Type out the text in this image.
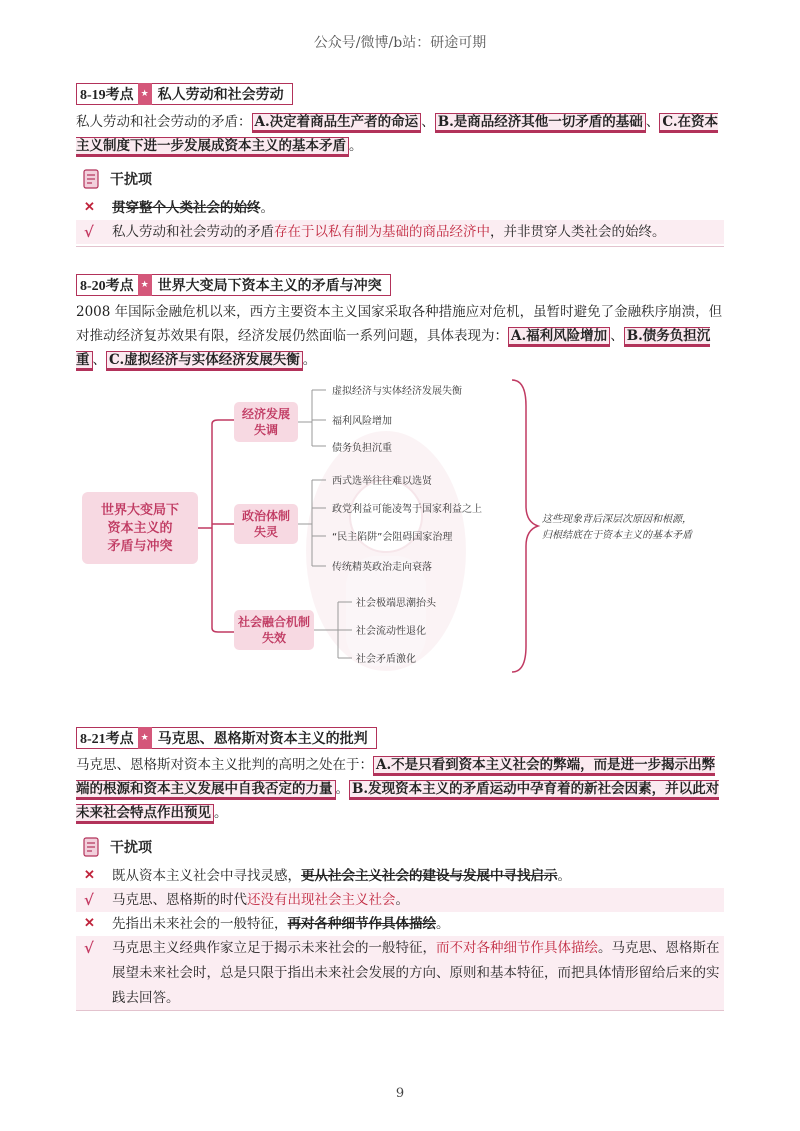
公众号/微博/b站：研途可期
8-19考点 ★ 私人劳动和社会劳动
私人劳动和社会劳动的矛盾： A.决定着商品生产者的命运 、 B.是商品经济其他一切矛盾的基础 、 C.在资本主义制度下进一步发展成资本主义的基本矛盾 。
干扰项
✕ 贯穿整个人类社会的始终。
√ 私人劳动和社会劳动的矛盾存在于以私有制为基础的商品经济中，并非贯穿人类社会的始终。
8-20考点 ★ 世界大变局下资本主义的矛盾与冲突
2008 年国际金融危机以来，西方主要资本主义国家采取各种措施应对危机，虽暂时避免了金融秩序崩溃，但对推动经济复苏效果有限，经济发展仍然面临一系列问题，具体表现为： A.福利风险增加 、 B.债务负担沉重 、 C.虚拟经济与实体经济发展失衡 。
世界大变局下
资本主义的
矛盾与冲突
经济发展
失调
虚拟经济与实体经济发展失衡
福利风险增加
债务负担沉重
政治体制
失灵
西式选举往往难以选贤
政党利益可能凌驾于国家利益之上
“民主陷阱”会阻碍国家治理
传统精英政治走向衰落
社会融合机制
失效
社会极端思潮抬头
社会流动性退化
社会矛盾激化
这些现象背后深层次原因和根源，
归根结底在于资本主义的基本矛盾
8-21考点 ★ 马克思、恩格斯对资本主义的批判
马克思、恩格斯对资本主义批判的高明之处在于： A.不是只看到资本主义社会的弊端，而是进一步揭示出弊端的根源和资本主义发展中自我否定的力量 。 B.发现资本主义的矛盾运动中孕育着的新社会因素，并以此对未来社会特点作出预见 。
干扰项
✕ 既从资本主义社会中寻找灵感，更从社会主义社会的建设与发展中寻找启示。
√ 马克思、恩格斯的时代还没有出现社会主义社会。
✕ 先指出未来社会的一般特征，再对各种细节作具体描绘。
√ 马克思主义经典作家立足于揭示未来社会的一般特征，而不对各种细节作具体描绘。马克思、恩格斯在展望未来社会时，总是只限于指出未来社会发展的方向、原则和基本特征，而把具体情形留给后来的实践去回答。
9
